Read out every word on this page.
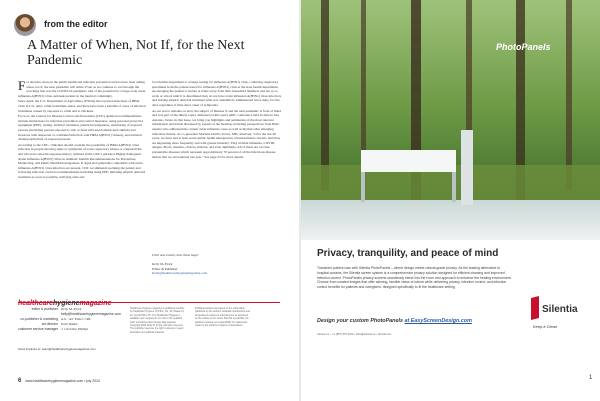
from the editor
A Matter of When, Not If, for the Next Pandemic

For decades, those in the public health and infection prevention sectors have been asking when, not if, the next pandemic will strike. Even as we continue to sort through the wreckage that was the COVID-19 pandemic, talk of the potential for a large-scale avian influenza A(H5N1) virus outbreak persists in the medical community.

Since April, the U.S. Department of Agriculture (USDA) has reported detections of HPAI virus in U.S. dairy cattle in multiple states, and there have been a handful of cases of infection in humans caused by exposure to cattle and to chickens.

For now, the Centers for Disease Control and Prevention (CDC) updated recommendations include instructions for infection prevention and control measures, using personal protective equipment (PPE), testing, antiviral treatment, patient investigations, monitoring of exposed persons (including persons exposed to sick or dead wild and domesticated animals and livestock with suspected or confirmed infection with HPAI A(H5N1) viruses), and antiviral chemoprophylaxis of exposed persons.

According to the CDC, clinicians should consider the possibility of HPAI A(H5N1) virus infection in people showing signs or symptoms of acute respiratory illness or conjunctivitis and who have relevant exposure history outlined in the CDC's guidance Highly Pathogenic Avian Influenza A(H5N1) Virus in Animals: Interim Recommendations for Prevention, Monitoring, and Public Health Investigations. If signs and symptoms compatible with avian influenza A(H5N1) virus infection are present, CDC recommends isolating the patient and following infection control recommendations including using PPE, initiating empiric antiviral treatment as soon as possible, notifying state and

local health department to arrange testing for influenza A(H5N1) virus, collecting respiratory specimens from the patient tested for influenza A(H5N1) virus at the state health department, encouraging the patient to isolate at home away from their household members and not go to work or school until it is determined they do not have avian influenza A(H5N1) virus infection; and starting empiric antiviral treatment with oral oseltamivir, administered twice daily for five days regardless of time since onset of symptoms.

As our sector remains on alert, the subject of Disease X and the next pandemic is front of mind and was part of the timely topics addressed at this year's APIC conference held in June in San Antonio, Texas. In this issue, we bring you highlights and summaries of the most relevant information and trends discussed by experts at the meeting, including perspectives from IPAC experts who addressed the current avian influenza cases as well as myriad other emerging infectious threats. As co-presenter Mariana Dottilo Torres, MD, observed, "Over the last 20 years, we have had at least seven public health emergencies of international concern. And they are happening more frequently and with greater intensity. They include influenza, COVID, dengue, Ebola, measles, cholera, malaria, and even diphtheria. All of these are vaccine-preventable diseases which represent approximately 70 percent of all the infectious disease threats that we encountered last year." See page 23 for more details.

Until next month, bust those bugs!
Kelly M. Pyrek
Editor & Publisher
Kelly@healthcarehygienemagazine.com
healthcarehygienemagazine
editor & publisher Kelly M. Pyrek
kelly@healthcarehygienemagazine.com
co-publisher & marketing A.G. 'Art' Potter, CPA
art director Patti Valdez
customer service manager J. Christine Phillips
Send inquiries to: team@healthcarehygienemagazine.com
Healthcare Hygiene magazine is published monthly by Healthcare Hygiene, PO Box, No. 10. Please by Dr. Conrad 59 to 87. The Healthcare Hygiene is available upon request for no cost to the qualified staff, and all the other Design data material. Copyright 2024 Kelly M. Pyrek. All rights reserved. The publisher reserves the right to accept or reject all articles and editorial material.
Published articles are based on the information published by the authors. Editorial contributions and all decisions relating to editorial must be approved by the editors to the extent that this is possible; the publisher accepts no responsibility for statements made by the authors of papers or advertisers.
6 www.healthcarehygienemagazine.com • july 2024
PhotoPanels
Privacy, tranquility, and peace of mind

Transform patient care with Silentia PhotoPanels – where design meets clinical-grade privacy. As the leading alternative to hospital curtains, the Silentia screen system is a comprehensive privacy solution designed for efficient cleaning and improved infection control. PhotoPanels privacy screens seamlessly blend into the room and approach to enhance the healing environment. Choose from curated images that offer calming, familiar views of nature while delivering privacy, infection control, and infection control benefits for patients and caregivers, designed specifically to fit the healthcare setting.

Design your custom PhotoPanels at EasyScreenDesign.com
silentia inc. • +1 (857) 957 9319 • hello@silentia.us • silentia.com
Silentia
Keep it Clean
1
